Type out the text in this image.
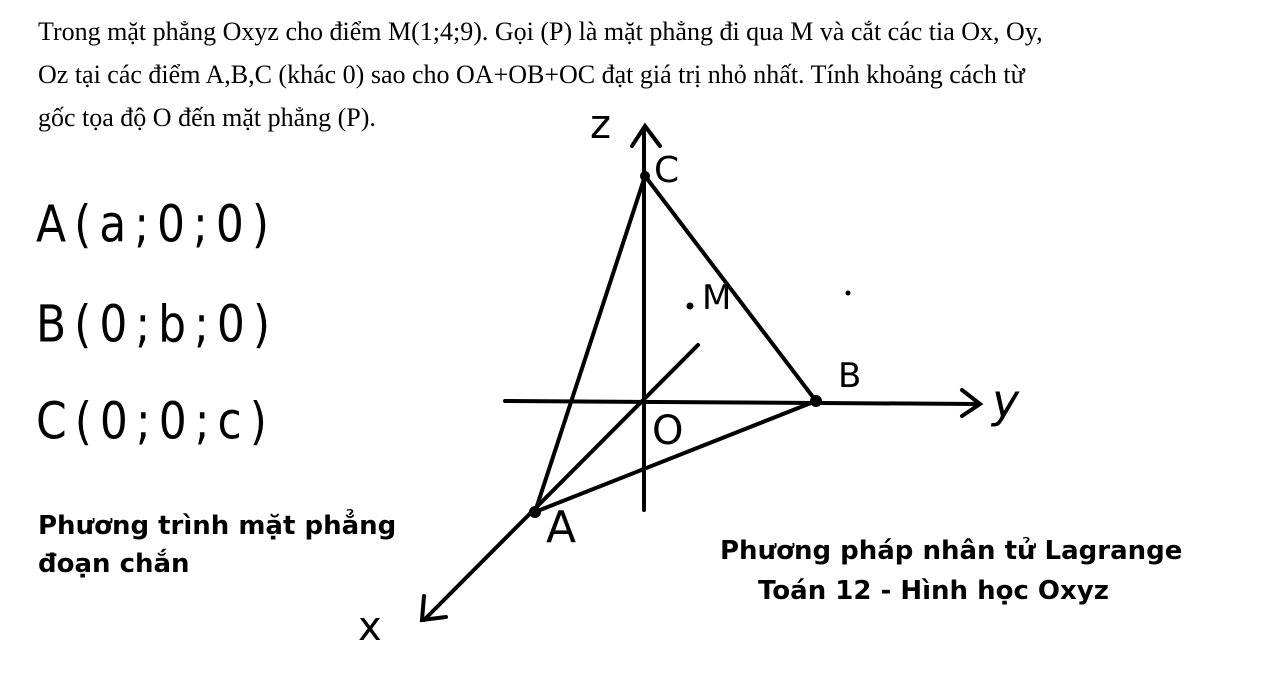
Trong mặt phẳng Oxyz cho điểm M(1;4;9). Gọi (P) là mặt phẳng đi qua M và cắt các tia Ox, Oy,
Oz tại các điểm A,B,C (khác 0) sao cho OA+OB+OC đạt giá trị nhỏ nhất. Tính khoảng cách từ
gốc tọa độ O đến mặt phẳng (P).

A(a;0;0)
B(0;b;0)
C(0;0;c)
z
C
M
B	y
O
A
x
Phương trình mặt phẳng
đoạn chắn	Phương pháp nhân tử Lagrange
Toán 12 - Hình học Oxyz
